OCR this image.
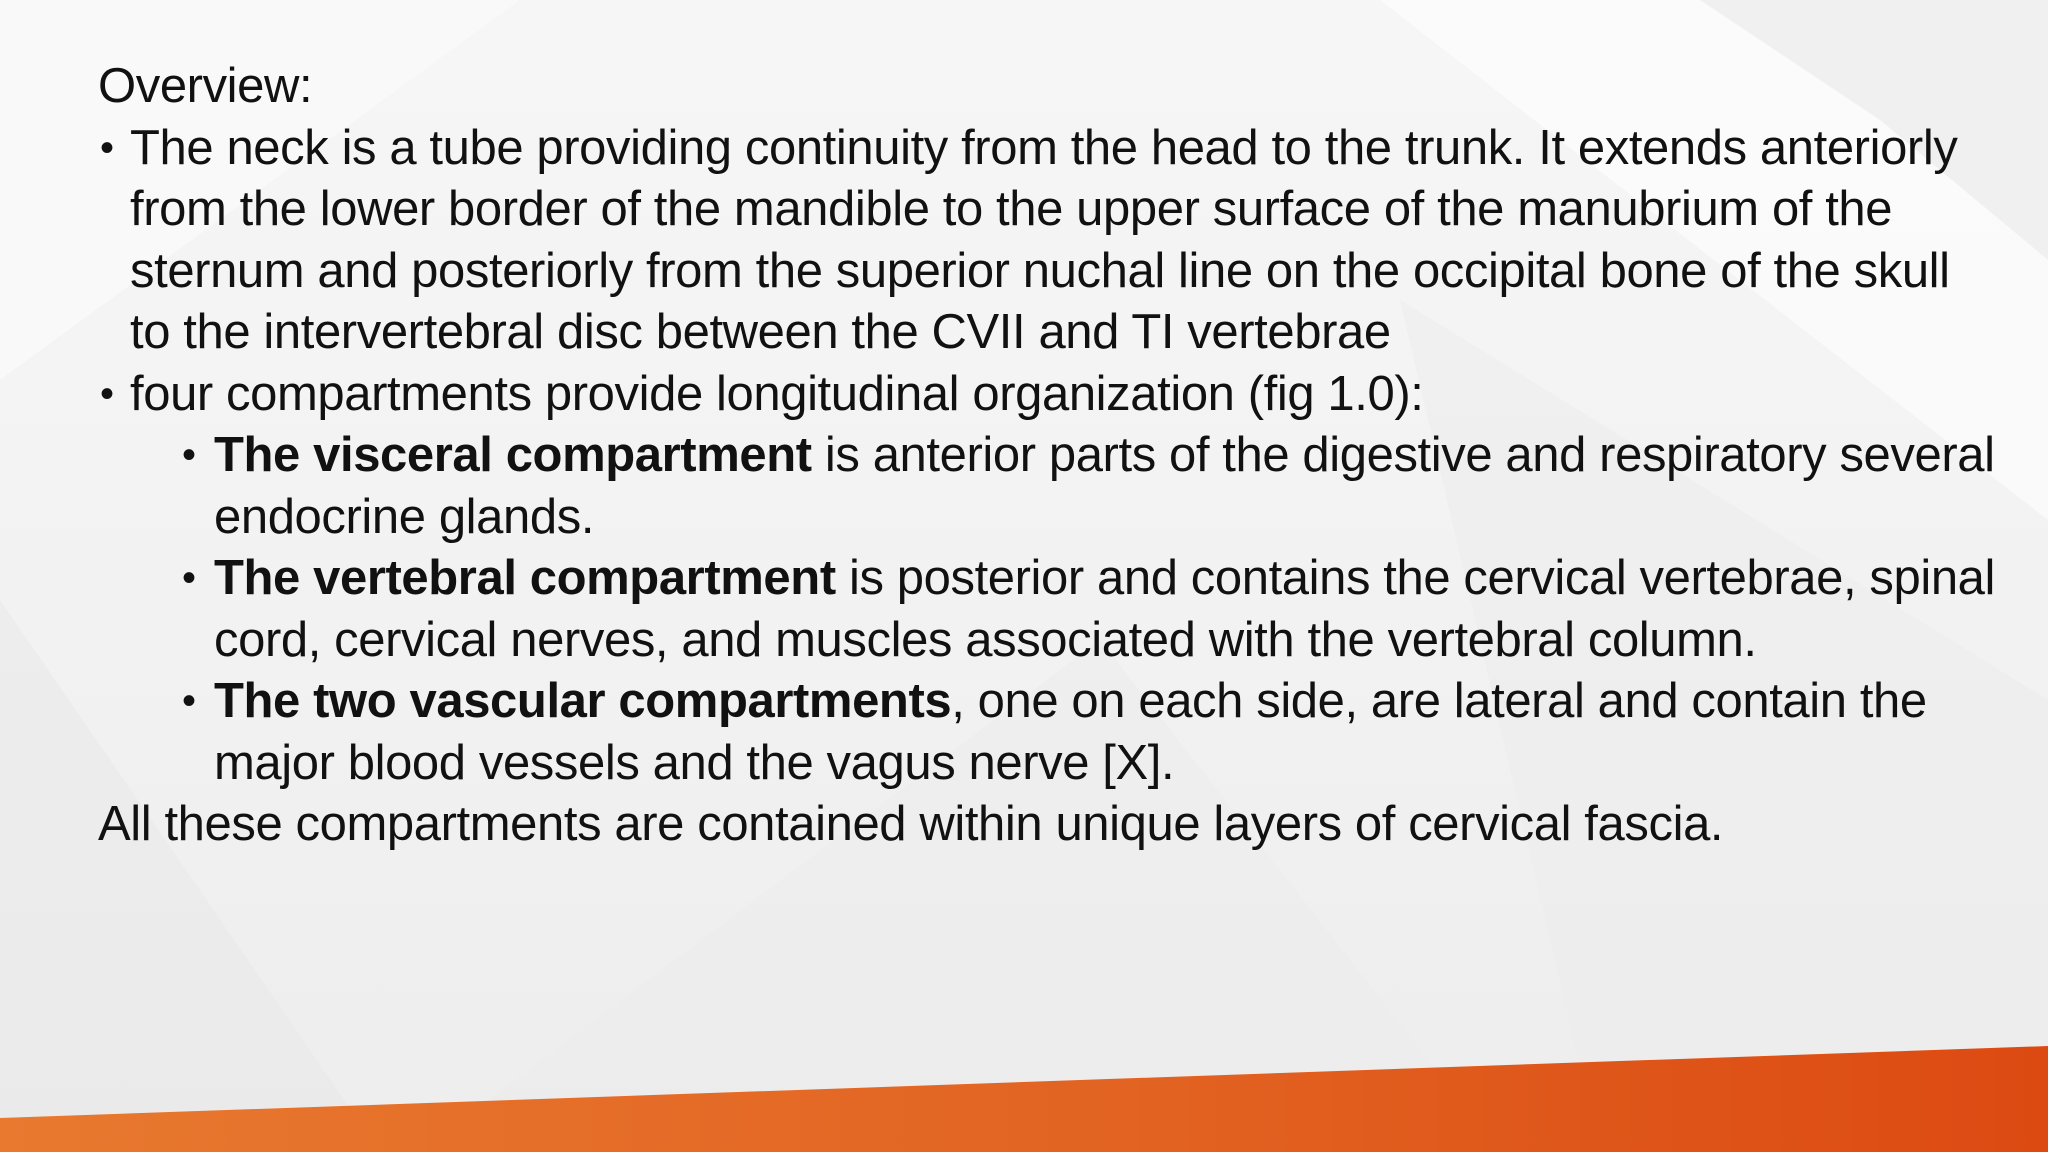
Overview:

• The neck is a tube providing continuity from the head to the trunk. It extends anteriorly from the lower border of the mandible to the upper surface of the manubrium of the sternum and posteriorly from the superior nuchal line on the occipital bone of the skull to the intervertebral disc between the CVII and TI vertebrae
• four compartments provide longitudinal organization (fig 1.0):
• The visceral compartment is anterior parts of the digestive and respiratory several endocrine glands.
• The vertebral compartment is posterior and contains the cervical vertebrae, spinal cord, cervical nerves, and muscles associated with the vertebral column.
• The two vascular compartments, one on each side, are lateral and contain the major blood vessels and the vagus nerve [X].

All these compartments are contained within unique layers of cervical fascia.
